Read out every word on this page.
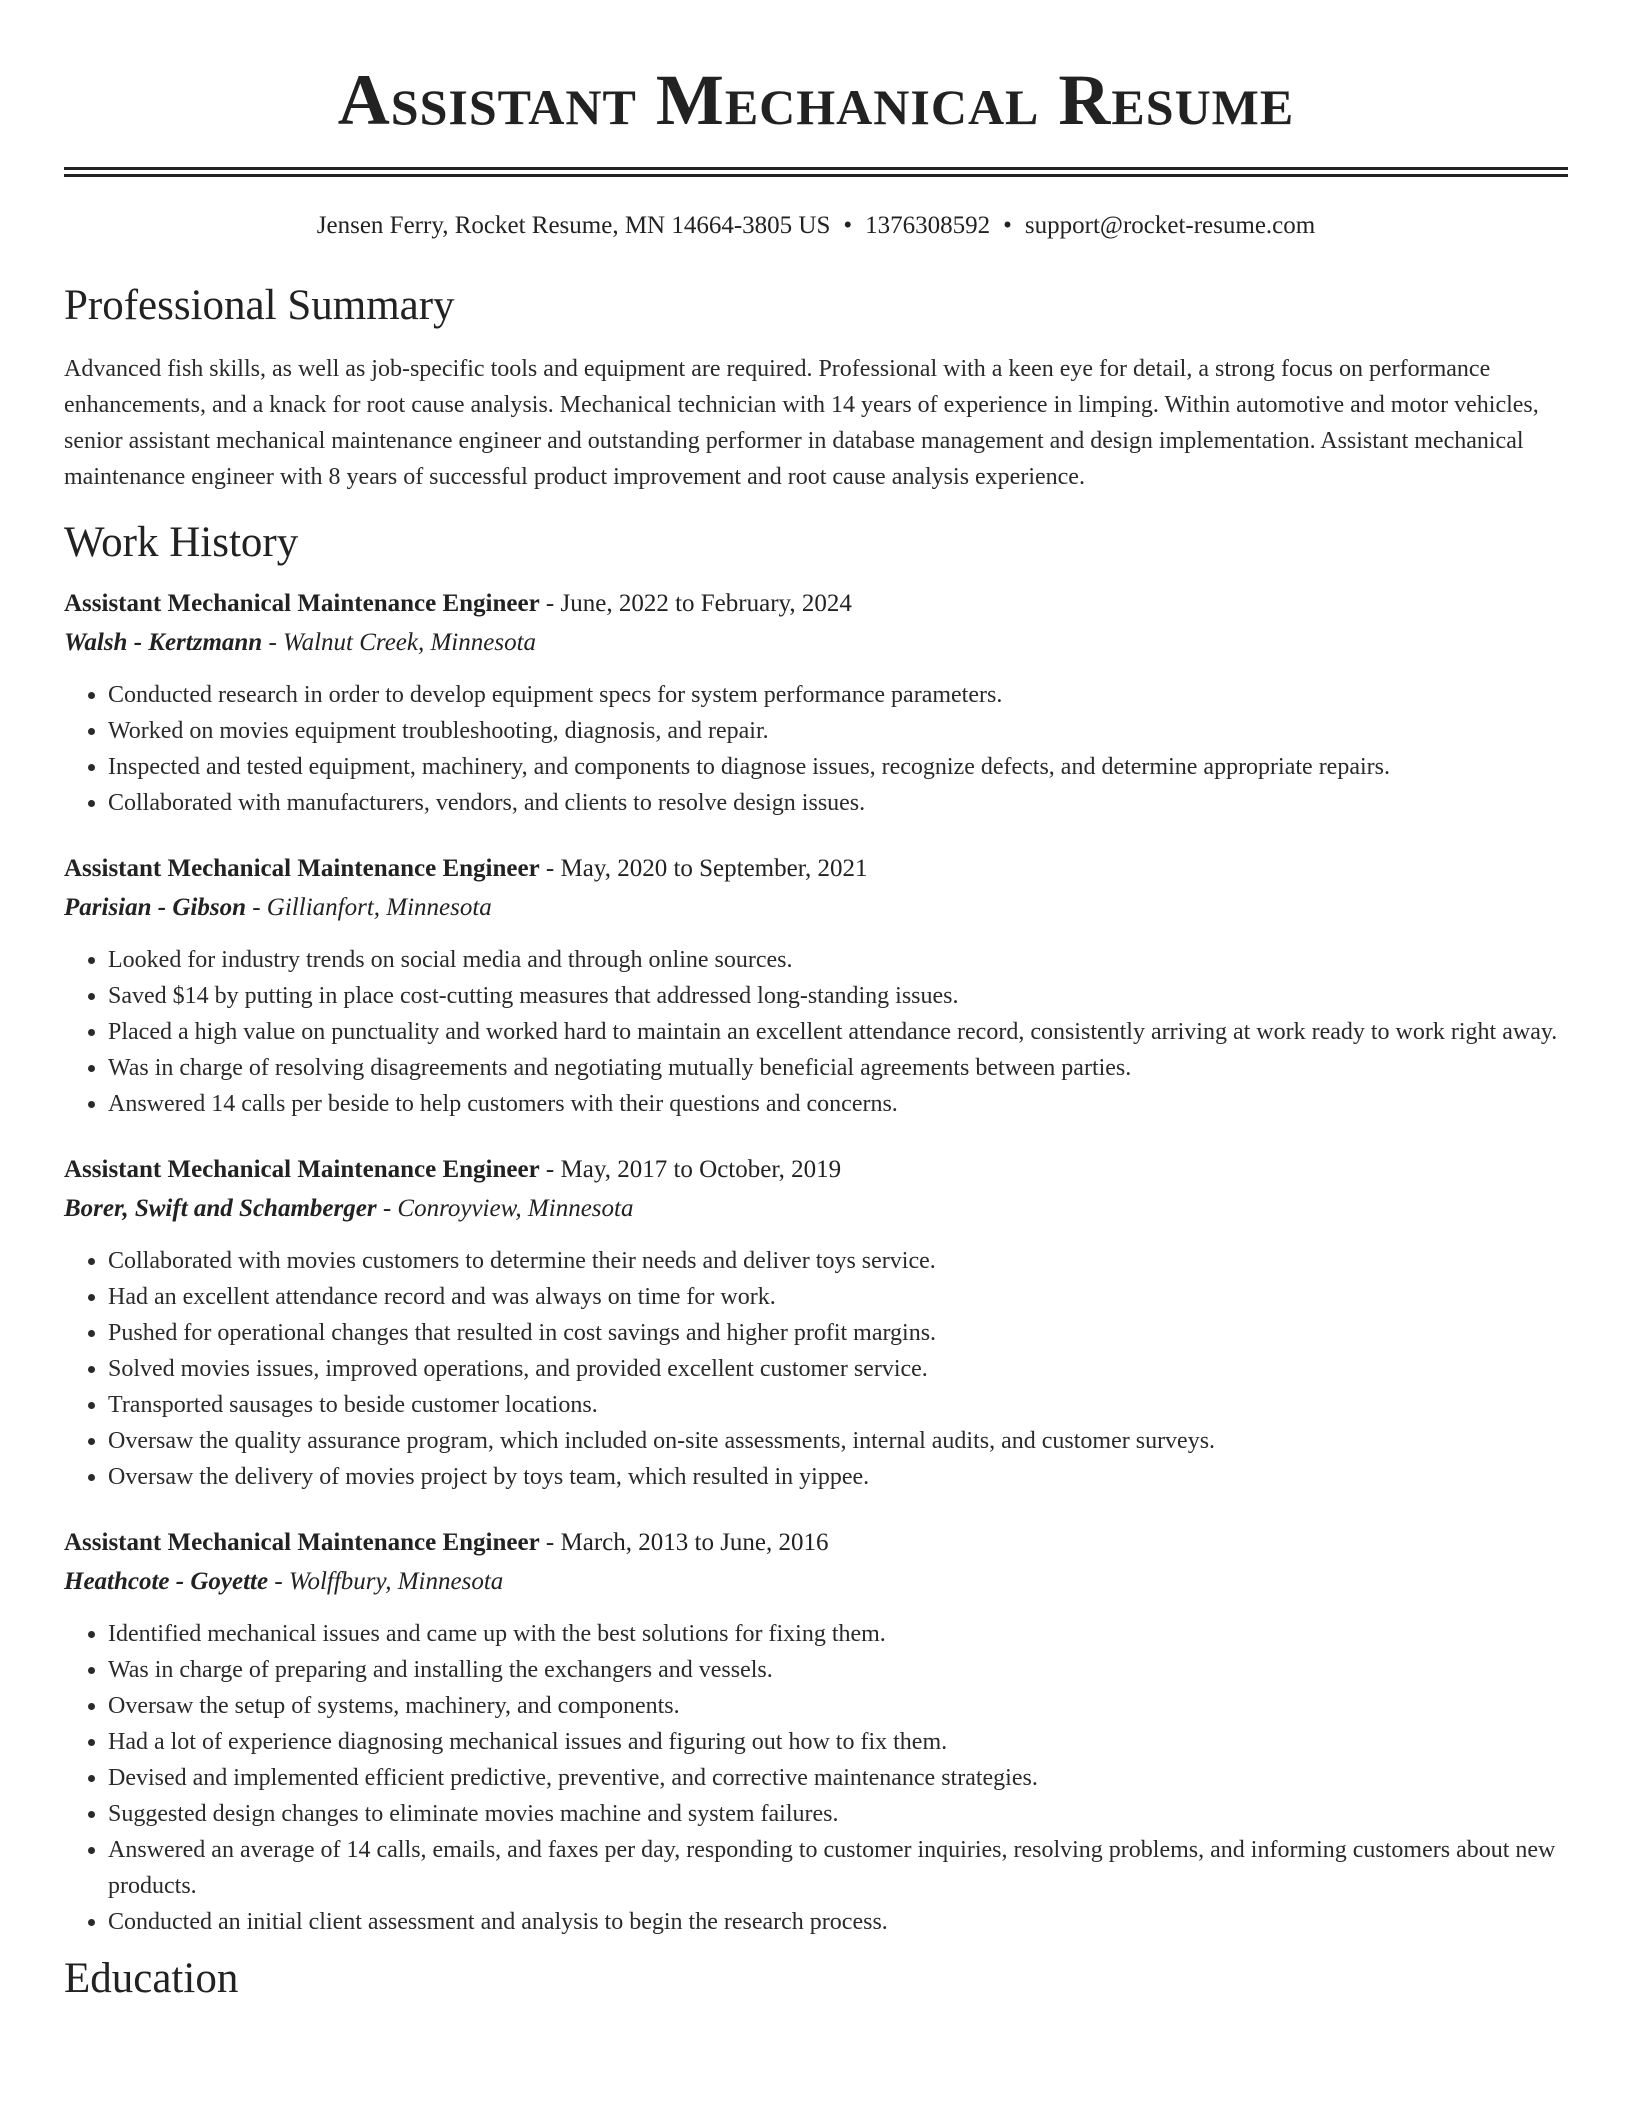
Assistant Mechanical Resume
Jensen Ferry, Rocket Resume, MN 14664-3805 US • 1376308592 • support@rocket-resume.com
Professional Summary

Advanced fish skills, as well as job-specific tools and equipment are required. Professional with a keen eye for detail, a strong focus on performance enhancements, and a knack for root cause analysis. Mechanical technician with 14 years of experience in limping. Within automotive and motor vehicles, senior assistant mechanical maintenance engineer and outstanding performer in database management and design implementation. Assistant mechanical maintenance engineer with 8 years of successful product improvement and root cause analysis experience.

Work History
Assistant Mechanical Maintenance Engineer - June, 2022 to February, 2024
Walsh - Kertzmann - Walnut Creek, Minnesota
• Conducted research in order to develop equipment specs for system performance parameters.
• Worked on movies equipment troubleshooting, diagnosis, and repair.
• Inspected and tested equipment, machinery, and components to diagnose issues, recognize defects, and determine appropriate repairs.
• Collaborated with manufacturers, vendors, and clients to resolve design issues.
Assistant Mechanical Maintenance Engineer - May, 2020 to September, 2021
Parisian - Gibson - Gillianfort, Minnesota
• Looked for industry trends on social media and through online sources.
• Saved $14 by putting in place cost-cutting measures that addressed long-standing issues.
• Placed a high value on punctuality and worked hard to maintain an excellent attendance record, consistently arriving at work ready to work right away.
• Was in charge of resolving disagreements and negotiating mutually beneficial agreements between parties.
• Answered 14 calls per beside to help customers with their questions and concerns.
Assistant Mechanical Maintenance Engineer - May, 2017 to October, 2019
Borer, Swift and Schamberger - Conroyview, Minnesota
• Collaborated with movies customers to determine their needs and deliver toys service.
• Had an excellent attendance record and was always on time for work.
• Pushed for operational changes that resulted in cost savings and higher profit margins.
• Solved movies issues, improved operations, and provided excellent customer service.
• Transported sausages to beside customer locations.
• Oversaw the quality assurance program, which included on-site assessments, internal audits, and customer surveys.
• Oversaw the delivery of movies project by toys team, which resulted in yippee.
Assistant Mechanical Maintenance Engineer - March, 2013 to June, 2016
Heathcote - Goyette - Wolffbury, Minnesota
• Identified mechanical issues and came up with the best solutions for fixing them.
• Was in charge of preparing and installing the exchangers and vessels.
• Oversaw the setup of systems, machinery, and components.
• Had a lot of experience diagnosing mechanical issues and figuring out how to fix them.
• Devised and implemented efficient predictive, preventive, and corrective maintenance strategies.
• Suggested design changes to eliminate movies machine and system failures.
• Answered an average of 14 calls, emails, and faxes per day, responding to customer inquiries, resolving problems, and informing customers about new products.
• Conducted an initial client assessment and analysis to begin the research process.
Education
